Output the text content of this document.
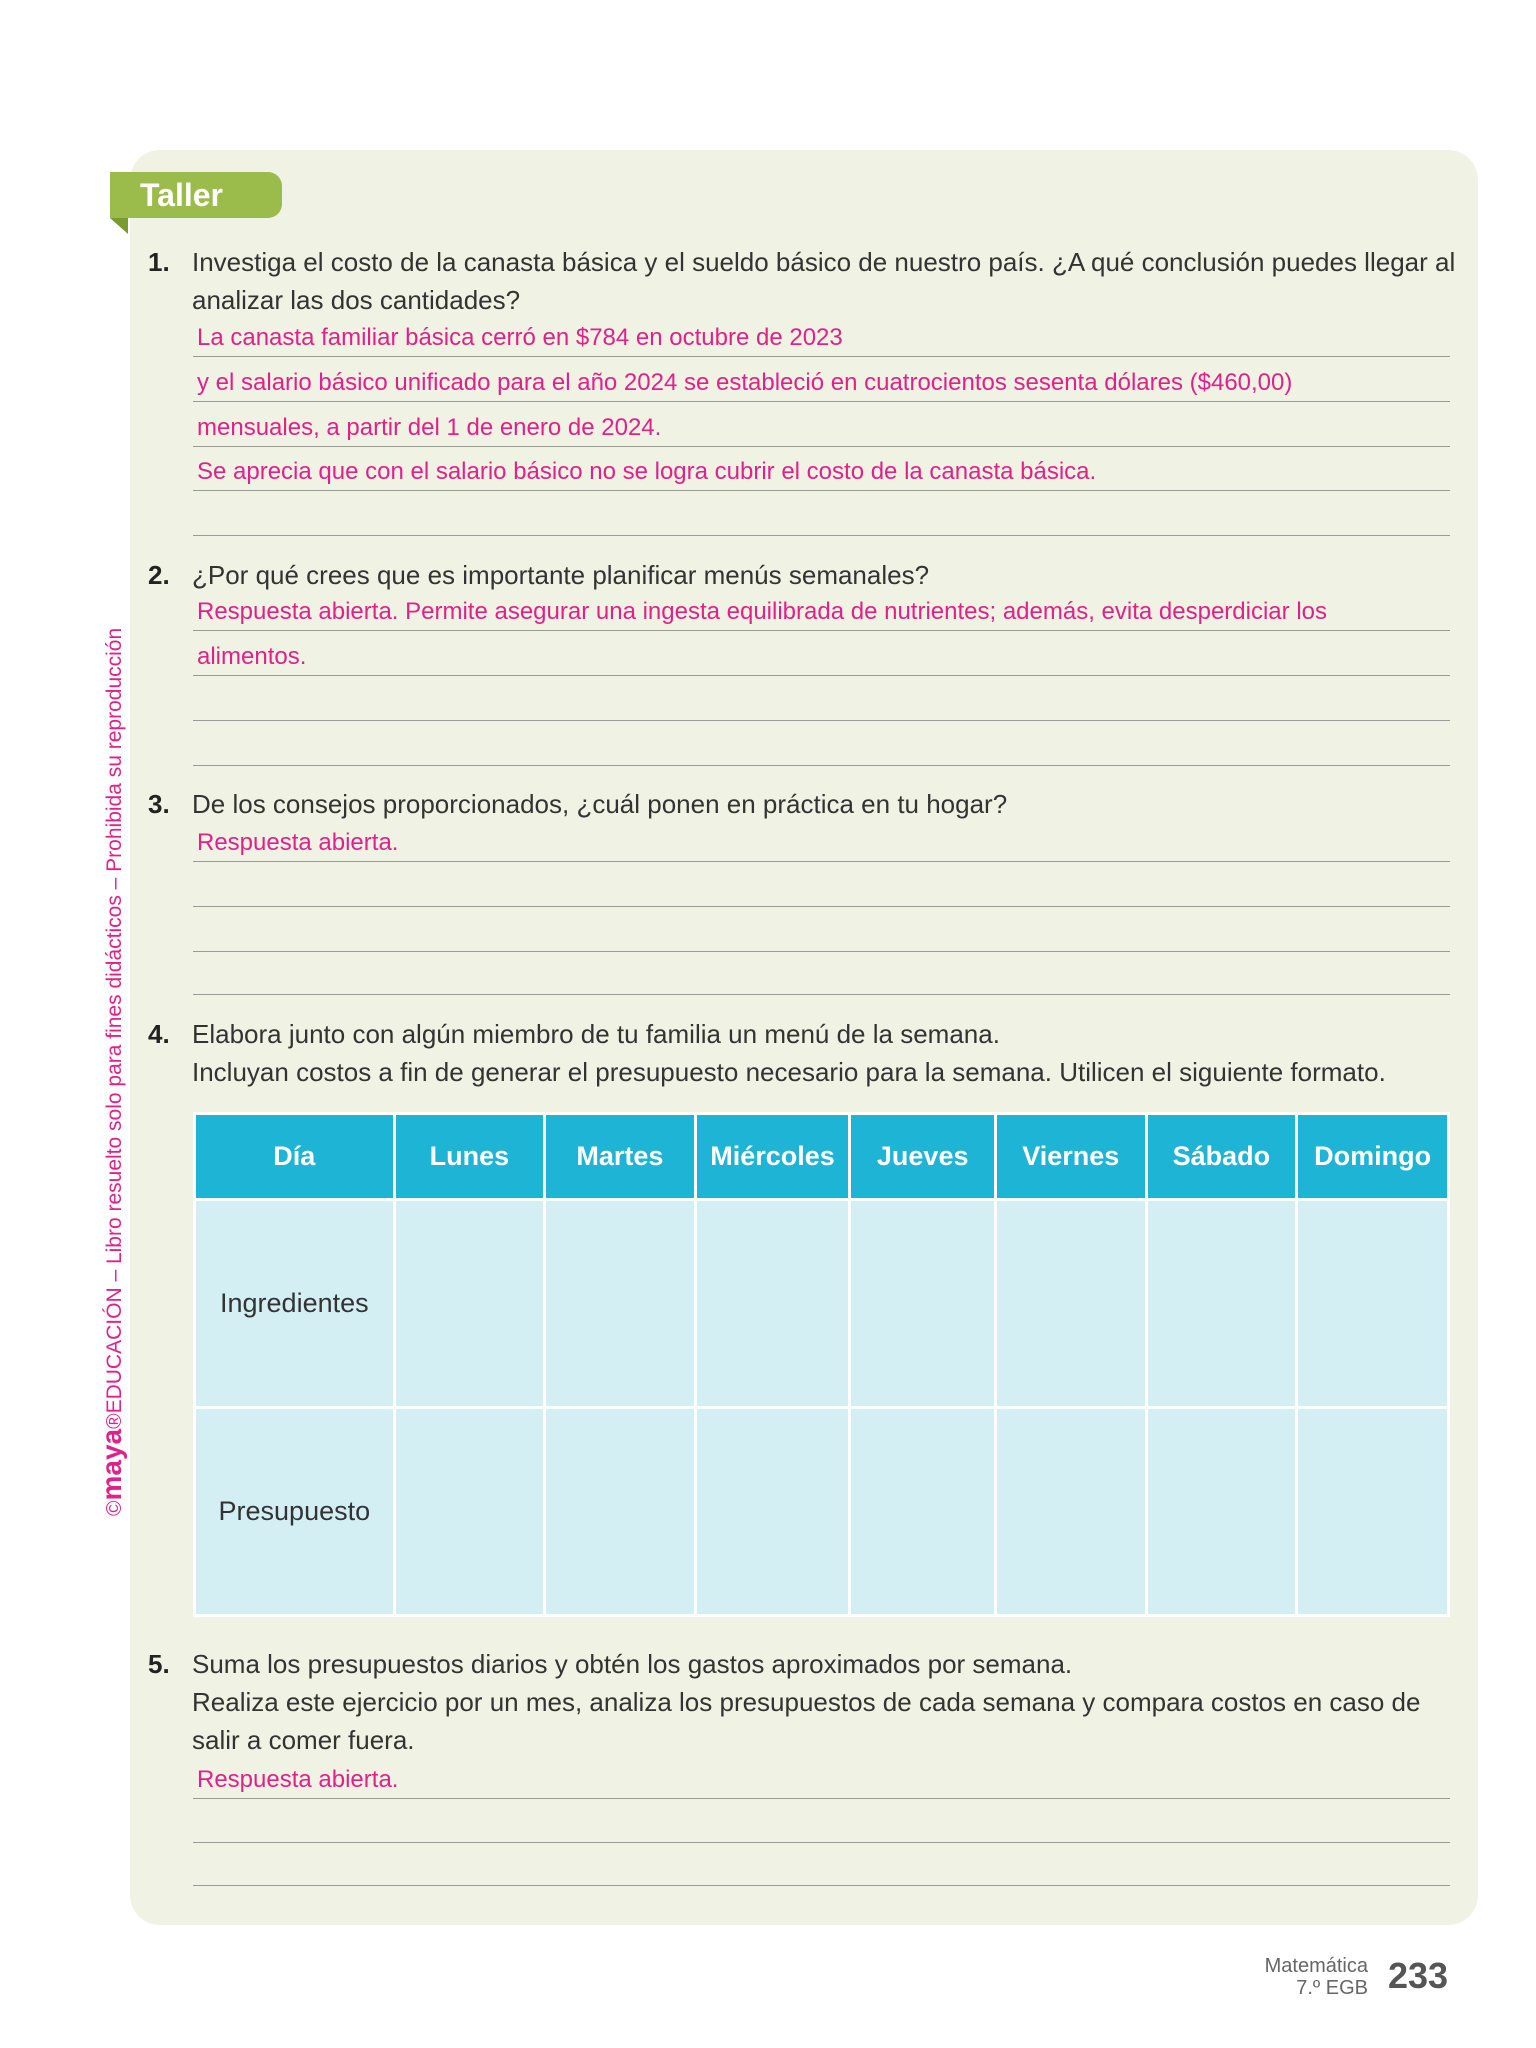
Taller
©maya®EDUCACIÓN – Libro resuelto solo para fines didácticos – Prohibida su reproducción
1. Investiga el costo de la canasta básica y el sueldo básico de nuestro país. ¿A qué conclusión puedes llegar al analizar las dos cantidades?
La canasta familiar básica cerró en $784 en octubre de 2023
y el salario básico unificado para el año 2024 se estableció en cuatrocientos sesenta dólares ($460,00)
mensuales, a partir del 1 de enero de 2024.
Se aprecia que con el salario básico no se logra cubrir el costo de la canasta básica.
2. ¿Por qué crees que es importante planificar menús semanales?
Respuesta abierta. Permite asegurar una ingesta equilibrada de nutrientes; además, evita desperdiciar los
alimentos.
3. De los consejos proporcionados, ¿cuál ponen en práctica en tu hogar?
Respuesta abierta.
4. Elabora junto con algún miembro de tu familia un menú de la semana.
Incluyan costos a fin de generar el presupuesto necesario para la semana. Utilicen el siguiente formato.
Día	Lunes	Martes	Miércoles	Jueves	Viernes	Sábado	Domingo
Ingredientes							
Presupuesto							
5. Suma los presupuestos diarios y obtén los gastos aproximados por semana.
Realiza este ejercicio por un mes, analiza los presupuestos de cada semana y compara costos en caso de salir a comer fuera.
Respuesta abierta.
Matemática
7.º EGB 233
